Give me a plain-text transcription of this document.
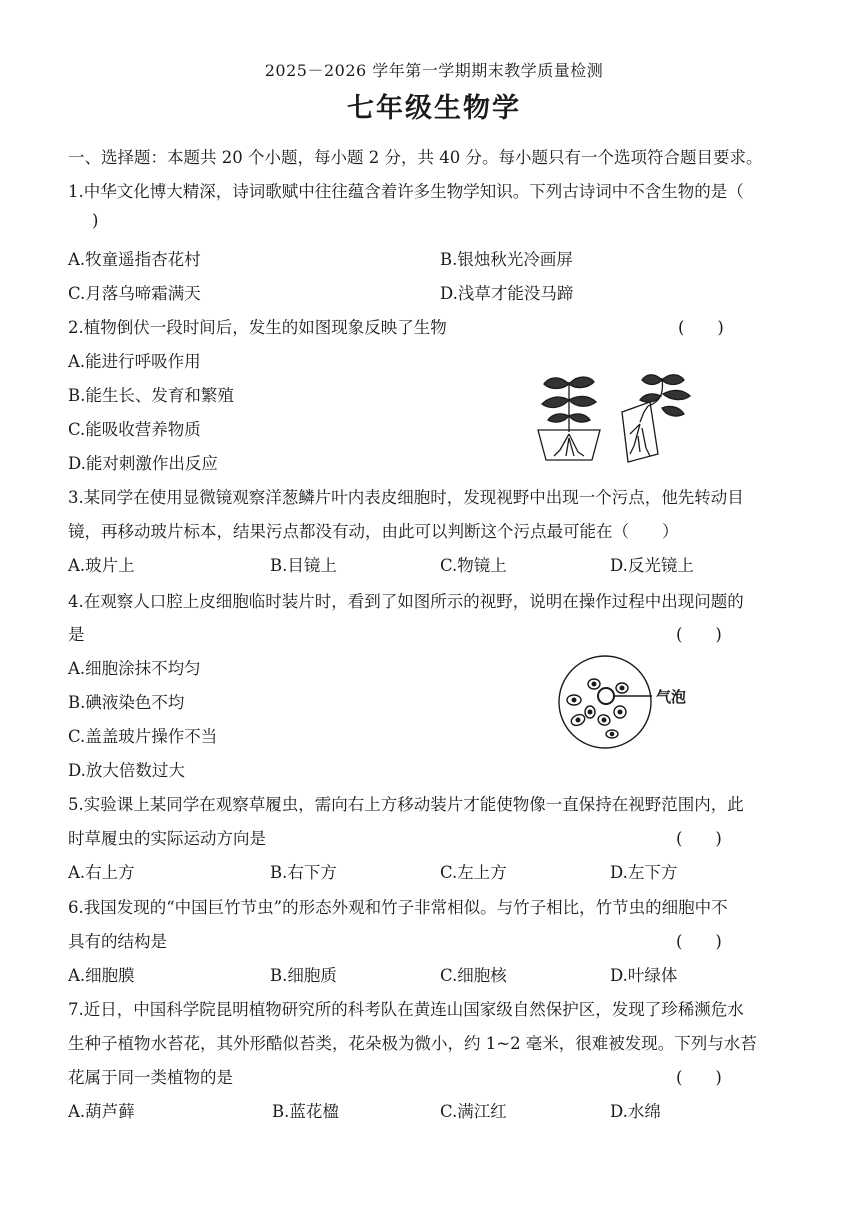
2025－2026 学年第一学期期末教学质量检测
七年级生物学
一、选择题：本题共 20 个小题，每小题 2 分，共 40 分。每小题只有一个选项符合题目要求。
1.中华文化博大精深，诗词歌赋中往往蕴含着许多生物学知识。下列古诗词中不含生物的是（
)
A.牧童遥指杏花村	B.银烛秋光冷画屏
C.月落乌啼霜满天	D.浅草才能没马蹄
2.植物倒伏一段时间后，发生的如图现象反映了生物	(　　)
A.能进行呼吸作用
B.能生长、发育和繁殖
C.能吸收营养物质
D.能对刺激作出反应
3.某同学在使用显微镜观察洋葱鳞片叶内表皮细胞时，发现视野中出现一个污点，他先转动目
镜，再移动玻片标本，结果污点都没有动，由此可以判断这个污点最可能在（　　）
A.玻片上	B.目镜上	C.物镜上	D.反光镜上
4.在观察人口腔上皮细胞临时装片时，看到了如图所示的视野，说明在操作过程中出现问题的
是	(　　)
A.细胞涂抹不均匀
B.碘液染色不均
C.盖盖玻片操作不当
D.放大倍数过大
气泡
5.实验课上某同学在观察草履虫，需向右上方移动装片才能使物像一直保持在视野范围内，此
时草履虫的实际运动方向是	(　　)
A.右上方	B.右下方	C.左上方	D.左下方
6.我国发现的“中国巨竹节虫”的形态外观和竹子非常相似。与竹子相比，竹节虫的细胞中不
具有的结构是	(　　)
A.细胞膜	B.细胞质	C.细胞核	D.叶绿体
7.近日，中国科学院昆明植物研究所的科考队在黄连山国家级自然保护区，发现了珍稀濒危水
生种子植物水苔花，其外形酷似苔类，花朵极为微小，约 1~2 毫米，很难被发现。下列与水苔
花属于同一类植物的是	(　　)
A.葫芦藓	B.蓝花楹	C.满江红	D.水绵
